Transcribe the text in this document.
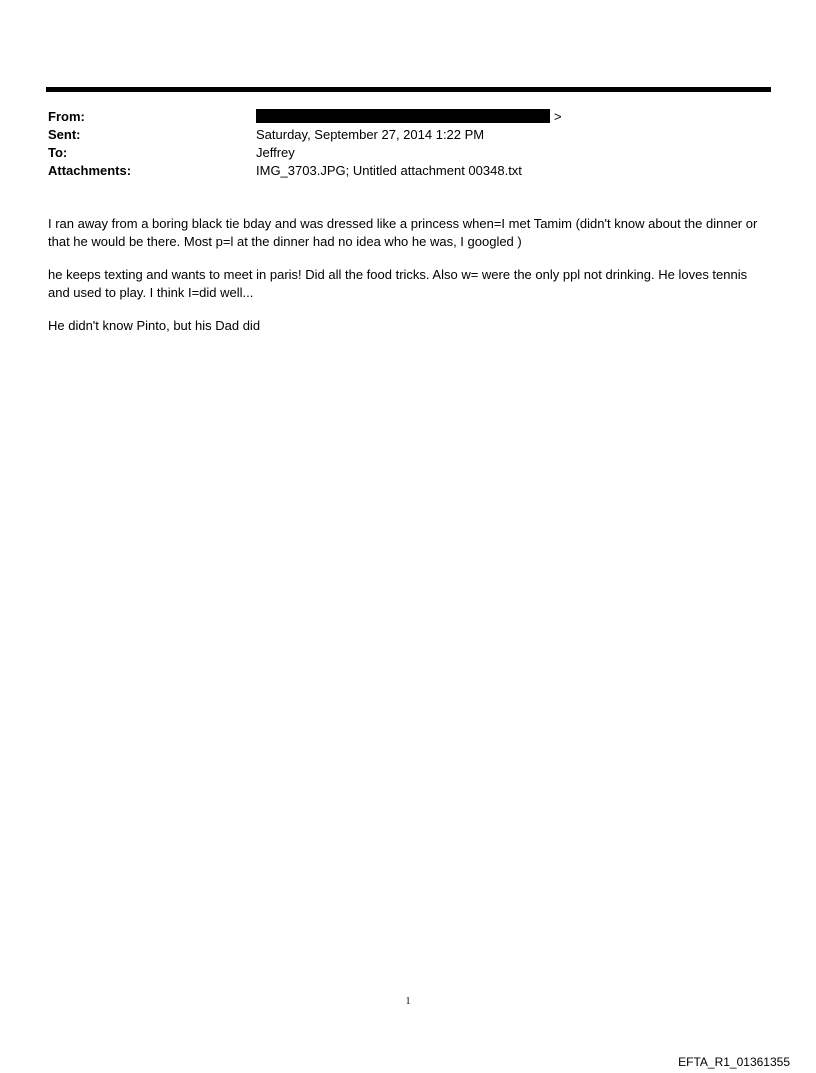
From:	>
Sent:	Saturday, September 27, 2014 1:22 PM
To:	Jeffrey
Attachments:	IMG_3703.JPG; Untitled attachment 00348.txt

I ran away from a boring black tie bday and was dressed like a princess when=I met Tamim (didn't know about the dinner or that he would be there. Most p=l at the dinner had no idea who he was, I googled )

he keeps texting and wants to meet in paris! Did all the food tricks. Also w= were the only ppl not drinking. He loves tennis and used to play. I think I=did well...

He didn't know Pinto, but his Dad did

1
EFTA_R1_01361355
